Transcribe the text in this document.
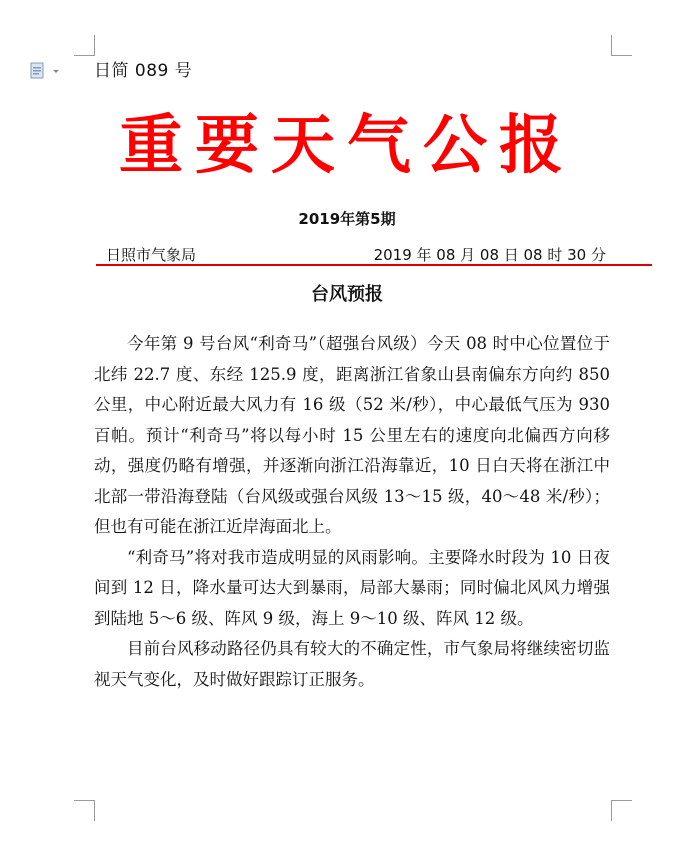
日简 089 号
重要天气公报
2019年第5期
日照市气象局	2019 年 08 月 08 日 08 时 30 分
台风预报

今年第 9 号台风“利奇马”（超强台风级）今天 08 时中心位置位于北纬 22.7 度、东经 125.9 度，距离浙江省象山县南偏东方向约 850 公里，中心附近最大风力有 16 级（52 米/秒），中心最低气压为 930 百帕。预计“利奇马”将以每小时 15 公里左右的速度向北偏西方向移动，强度仍略有增强，并逐渐向浙江沿海靠近，10 日白天将在浙江中北部一带沿海登陆（台风级或强台风级 13～15 级，40～48 米/秒）；但也有可能在浙江近岸海面北上。

“利奇马”将对我市造成明显的风雨影响。主要降水时段为 10 日夜间到 12 日，降水量可达大到暴雨，局部大暴雨；同时偏北风风力增强到陆地 5～6 级、阵风 9 级，海上 9～10 级、阵风 12 级。

目前台风移动路径仍具有较大的不确定性，市气象局将继续密切监视天气变化，及时做好跟踪订正服务。
